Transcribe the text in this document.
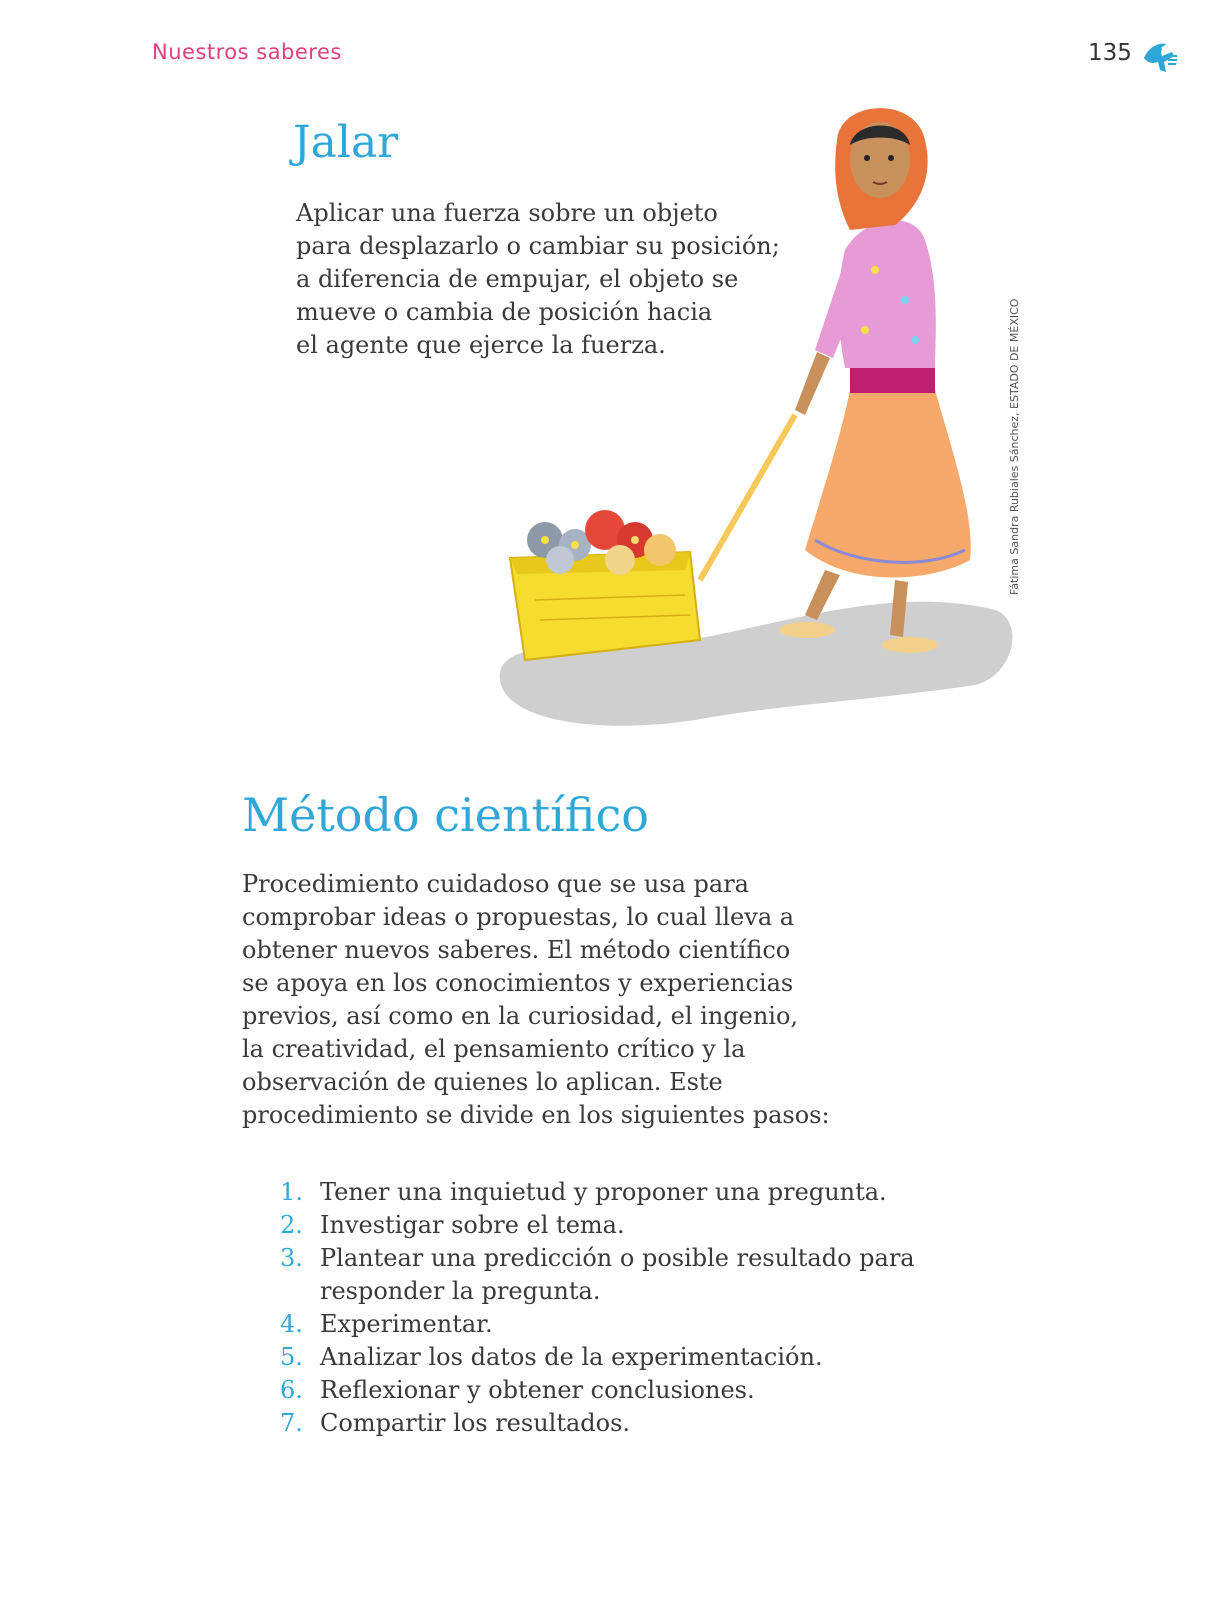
Nuestros saberes	135
Jalar

Aplicar una fuerza sobre un objeto
para desplazarlo o cambiar su posición;
a diferencia de empujar, el objeto se
mueve o cambia de posición hacia
el agente que ejerce la fuerza.	Fátima Sandra Rubiales Sánchez, ESTADO DE MÉXICO
Método científico

Procedimiento cuidadoso que se usa para
comprobar ideas o propuestas, lo cual lleva a
obtener nuevos saberes. El método científico
se apoya en los conocimientos y experiencias
previos, así como en la curiosidad, el ingenio,
la creatividad, el pensamiento crítico y la
observación de quienes lo aplican. Este
procedimiento se divide en los siguientes pasos:

1. Tener una inquietud y proponer una pregunta.
2. Investigar sobre el tema.
3. Plantear una predicción o posible resultado para responder la pregunta.
4. Experimentar.
5. Analizar los datos de la experimentación.
6. Reflexionar y obtener conclusiones.
7. Compartir los resultados.
